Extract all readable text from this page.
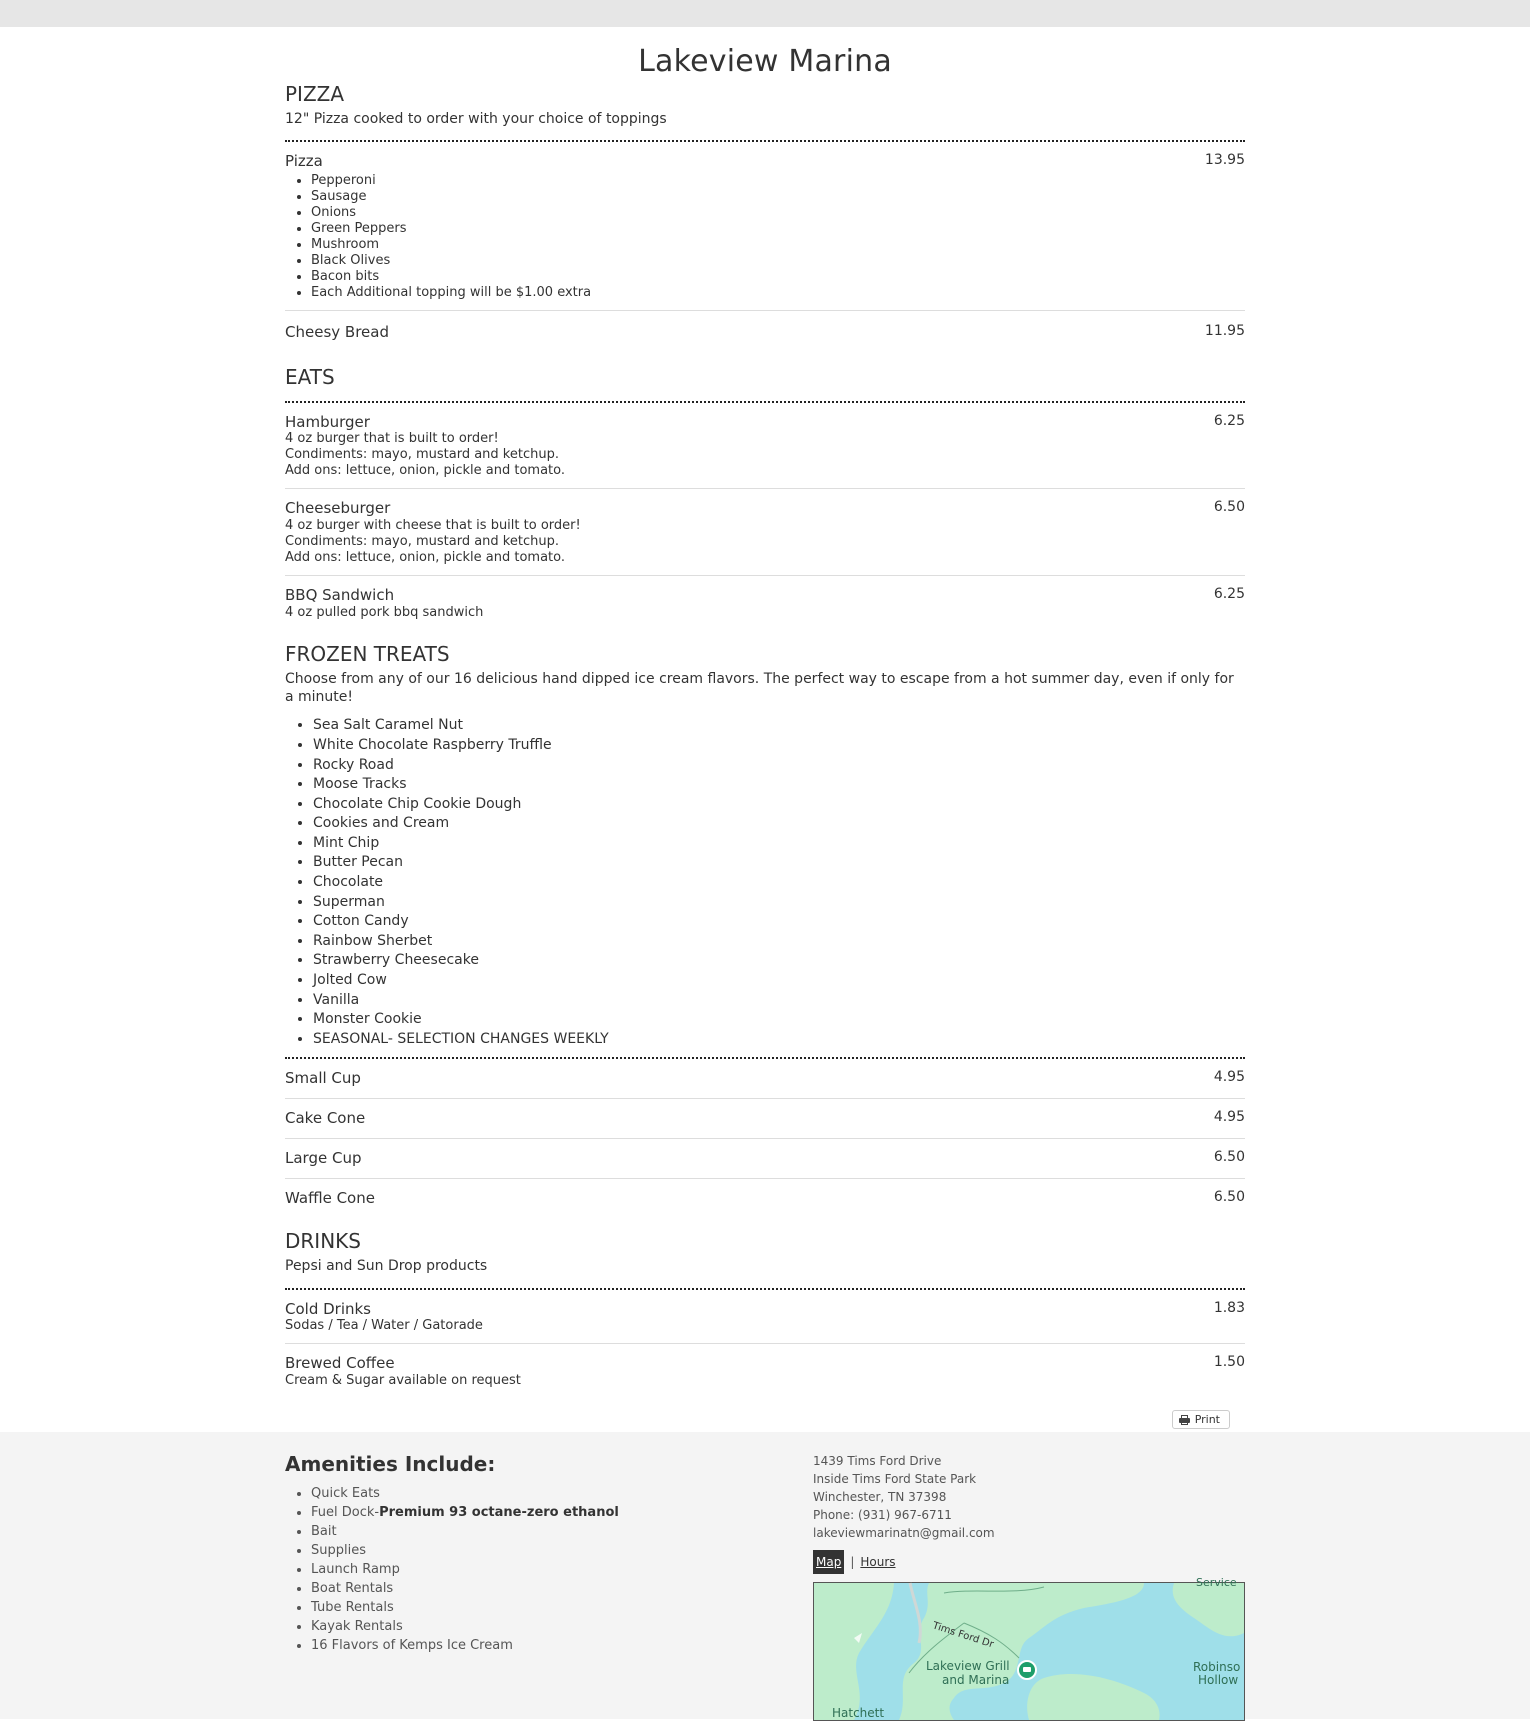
Lakeview Marina
PIZZA
12" Pizza cooked to order with your choice of toppings
Pizza	13.95
• Pepperoni
• Sausage
• Onions
• Green Peppers
• Mushroom
• Black Olives
• Bacon bits
• Each Additional topping will be $1.00 extra
Cheesy Bread	11.95
EATS
Hamburger	6.25
4 oz burger that is built to order!
Condiments: mayo, mustard and ketchup.
Add ons: lettuce, onion, pickle and tomato.
Cheeseburger	6.50
4 oz burger with cheese that is built to order!
Condiments: mayo, mustard and ketchup.
Add ons: lettuce, onion, pickle and tomato.
BBQ Sandwich	6.25
4 oz pulled pork bbq sandwich
FROZEN TREATS
Choose from any of our 16 delicious hand dipped ice cream flavors. The perfect way to escape from a hot summer day, even if only for a minute!
• Sea Salt Caramel Nut
• White Chocolate Raspberry Truffle
• Rocky Road
• Moose Tracks
• Chocolate Chip Cookie Dough
• Cookies and Cream
• Mint Chip
• Butter Pecan
• Chocolate
• Superman
• Cotton Candy
• Rainbow Sherbet
• Strawberry Cheesecake
• Jolted Cow
• Vanilla
• Monster Cookie
• SEASONAL- SELECTION CHANGES WEEKLY
Small Cup	4.95
Cake Cone	4.95
Large Cup	6.50
Waffle Cone	6.50
DRINKS
Pepsi and Sun Drop products
Cold Drinks	1.83
Sodas / Tea / Water / Gatorade
Brewed Coffee	1.50
Cream & Sugar available on request
Print
Amenities Include:
• Quick Eats
• Fuel Dock-Premium 93 octane-zero ethanol
• Bait
• Supplies
• Launch Ramp
• Boat Rentals
• Tube Rentals
• Kayak Rentals
• 16 Flavors of Kemps Ice Cream
1439 Tims Ford Drive
Inside Tims Ford State Park
Winchester, TN 37398
Phone: (931) 967-6711
lakeviewmarinatn@gmail.com
Map | Hours
Tims Ford Dr
Lakeview Grill
and Marina
Robinso
Hollow
Hatchett
Service
